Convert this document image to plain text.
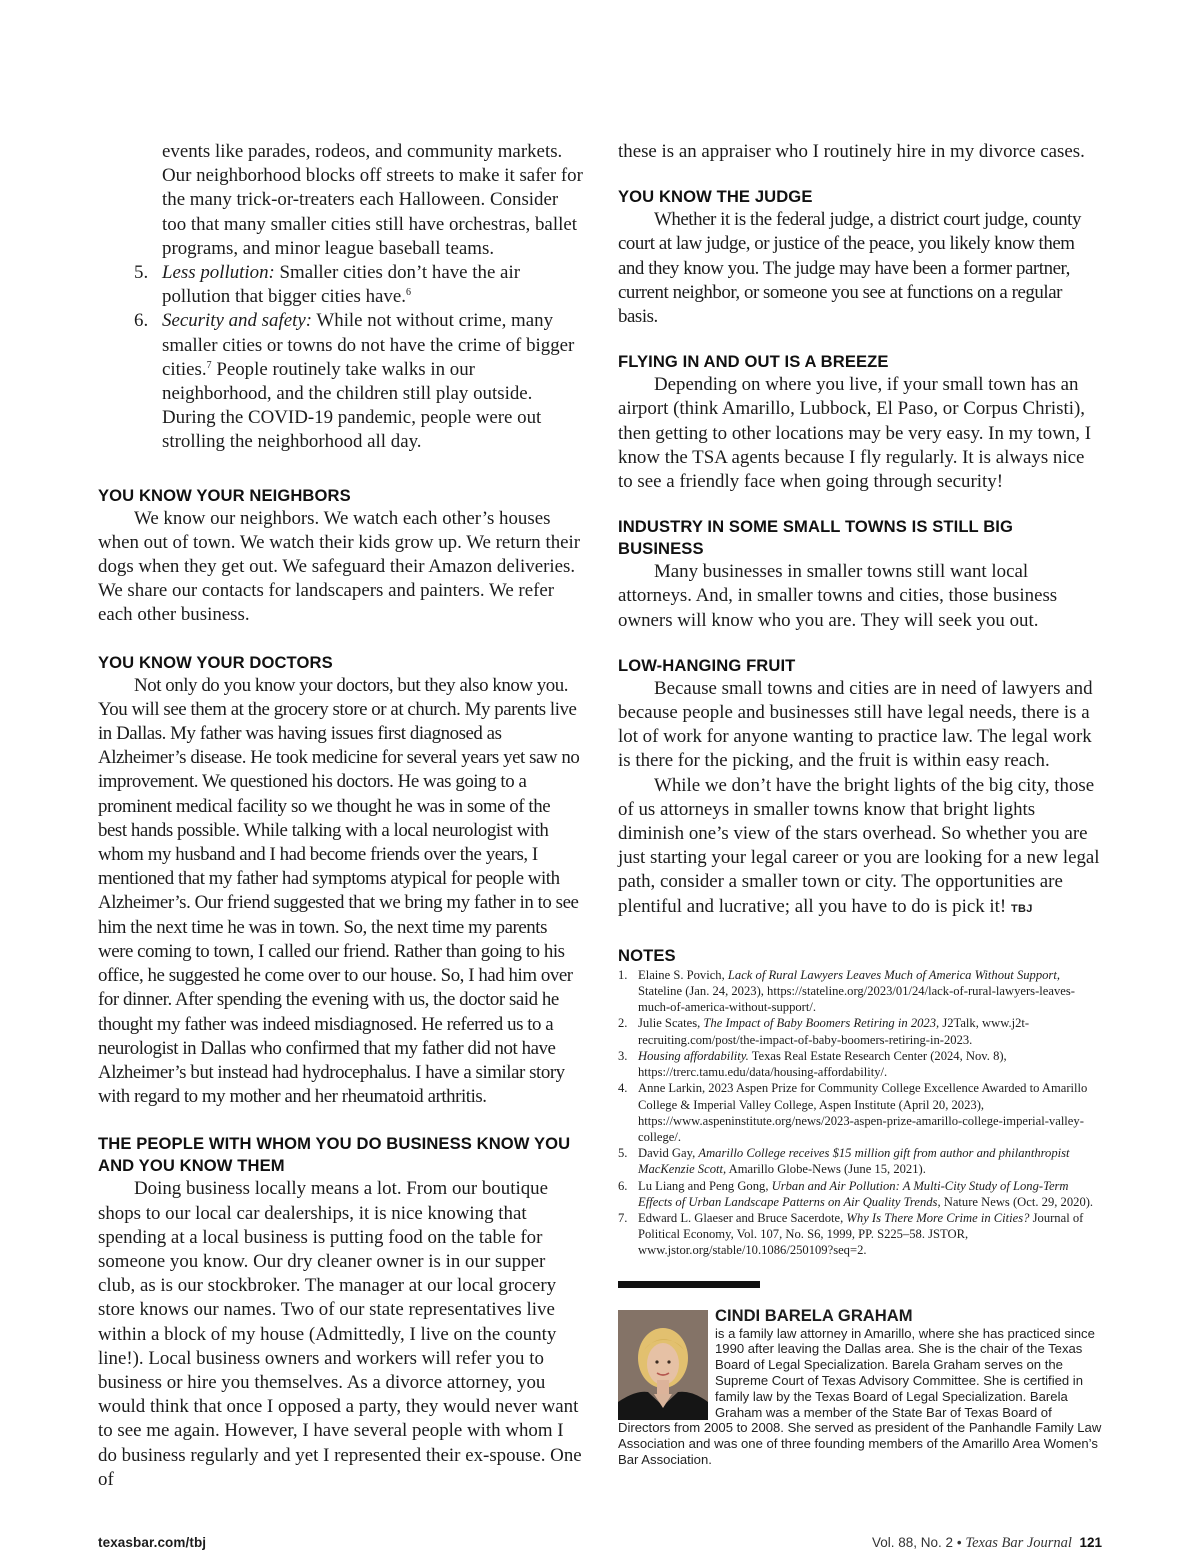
events like parades, rodeos, and community markets. Our neighborhood blocks off streets to make it safer for the many trick-or-treaters each Halloween. Consider too that many smaller cities still have orchestras, ballet programs, and minor league baseball teams.
5. Less pollution: Smaller cities don’t have the air pollution that bigger cities have.$^6$
6. Security and safety: While not without crime, many smaller cities or towns do not have the crime of bigger cities.$^7$ People routinely take walks in our neighborhood, and the children still play outside. During the COVID-19 pandemic, people were out strolling the neighborhood all day.
YOU KNOW YOUR NEIGHBORS

We know our neighbors. We watch each other’s houses when out of town. We watch their kids grow up. We return their dogs when they get out. We safeguard their Amazon deliveries. We share our contacts for landscapers and painters. We refer each other business.

YOU KNOW YOUR DOCTORS

Not only do you know your doctors, but they also know you. You will see them at the grocery store or at church. My parents live in Dallas. My father was having issues first diagnosed as Alzheimer’s disease. He took medicine for several years yet saw no improvement. We questioned his doctors. He was going to a prominent medical facility so we thought he was in some of the best hands possible. While talking with a local neurologist with whom my husband and I had become friends over the years, I mentioned that my father had symptoms atypical for people with Alzheimer’s. Our friend suggested that we bring my father in to see him the next time he was in town. So, the next time my parents were coming to town, I called our friend. Rather than going to his office, he suggested he come over to our house. So, I had him over for dinner. After spending the evening with us, the doctor said he thought my father was indeed misdiagnosed. He referred us to a neurologist in Dallas who confirmed that my father did not have Alzheimer’s but instead had hydrocephalus. I have a similar story with regard to my mother and her rheumatoid arthritis.

THE PEOPLE WITH WHOM YOU DO BUSINESS KNOW YOU AND YOU KNOW THEM

Doing business locally means a lot. From our boutique shops to our local car dealerships, it is nice knowing that spending at a local business is putting food on the table for someone you know. Our dry cleaner owner is in our supper club, as is our stockbroker. The manager at our local grocery store knows our names. Two of our state representatives live within a block of my house (Admittedly, I live on the county line!). Local business owners and workers will refer you to business or hire you themselves. As a divorce attorney, you would think that once I opposed a party, they would never want to see me again. However, I have several people with whom I do business regularly and yet I represented their ex-spouse. One of

these is an appraiser who I routinely hire in my divorce cases.
YOU KNOW THE JUDGE

Whether it is the federal judge, a district court judge, county court at law judge, or justice of the peace, you likely know them and they know you. The judge may have been a former partner, current neighbor, or someone you see at functions on a regular basis.

FLYING IN AND OUT IS A BREEZE

Depending on where you live, if your small town has an airport (think Amarillo, Lubbock, El Paso, or Corpus Christi), then getting to other locations may be very easy. In my town, I know the TSA agents because I fly regularly. It is always nice to see a friendly face when going through security!

INDUSTRY IN SOME SMALL TOWNS IS STILL BIG BUSINESS

Many businesses in smaller towns still want local attorneys. And, in smaller towns and cities, those business owners will know who you are. They will seek you out.

LOW-HANGING FRUIT

Because small towns and cities are in need of lawyers and because people and businesses still have legal needs, there is a lot of work for anyone wanting to practice law. The legal work is there for the picking, and the fruit is within easy reach.

While we don’t have the bright lights of the big city, those of us attorneys in smaller towns know that bright lights diminish one’s view of the stars overhead. So whether you are just starting your legal career or you are looking for a new legal path, consider a smaller town or city. The opportunities are plentiful and lucrative; all you have to do is pick it! TBJ

NOTES
1. Elaine S. Povich, Lack of Rural Lawyers Leaves Much of America Without Support, Stateline (Jan. 24, 2023), https://stateline.org/2023/01/24/lack-of-rural-lawyers-leaves-much-of-america-without-support/.
2. Julie Scates, The Impact of Baby Boomers Retiring in 2023, J2Talk, www.j2t-recruiting.com/post/the-impact-of-baby-boomers-retiring-in-2023.
3. Housing affordability. Texas Real Estate Research Center (2024, Nov. 8), https://trerc.tamu.edu/data/housing-affordability/.
4. Anne Larkin, 2023 Aspen Prize for Community College Excellence Awarded to Amarillo College & Imperial Valley College, Aspen Institute (April 20, 2023), https://www.aspeninstitute.org/news/2023-aspen-prize-amarillo-college-imperial-valley-college/.
5. David Gay, Amarillo College receives $15 million gift from author and philanthropist MacKenzie Scott, Amarillo Globe-News (June 15, 2021).
6. Lu Liang and Peng Gong, Urban and Air Pollution: A Multi-City Study of Long-Term Effects of Urban Landscape Patterns on Air Quality Trends, Nature News (Oct. 29, 2020).
7. Edward L. Glaeser and Bruce Sacerdote, Why Is There More Crime in Cities? Journal of Political Economy, Vol. 107, No. S6, 1999, PP. S225–58. JSTOR, www.jstor.org/stable/10.1086/250109?seq=2.
CINDI BARELA GRAHAM
is a family law attorney in Amarillo, where she has practiced since 1990 after leaving the Dallas area. She is the chair of the Texas Board of Legal Specialization. Barela Graham serves on the Supreme Court of Texas Advisory Committee. She is certified in family law by the Texas Board of Legal Specialization. Barela Graham was a member of the State Bar of Texas Board of Directors from 2005 to 2008. She served as president of the Panhandle Family Law Association and was one of three founding members of the Amarillo Area Women’s Bar Association.
texasbar.com/tbj	Vol. 88, No. 2 • Texas Bar Journal 121
